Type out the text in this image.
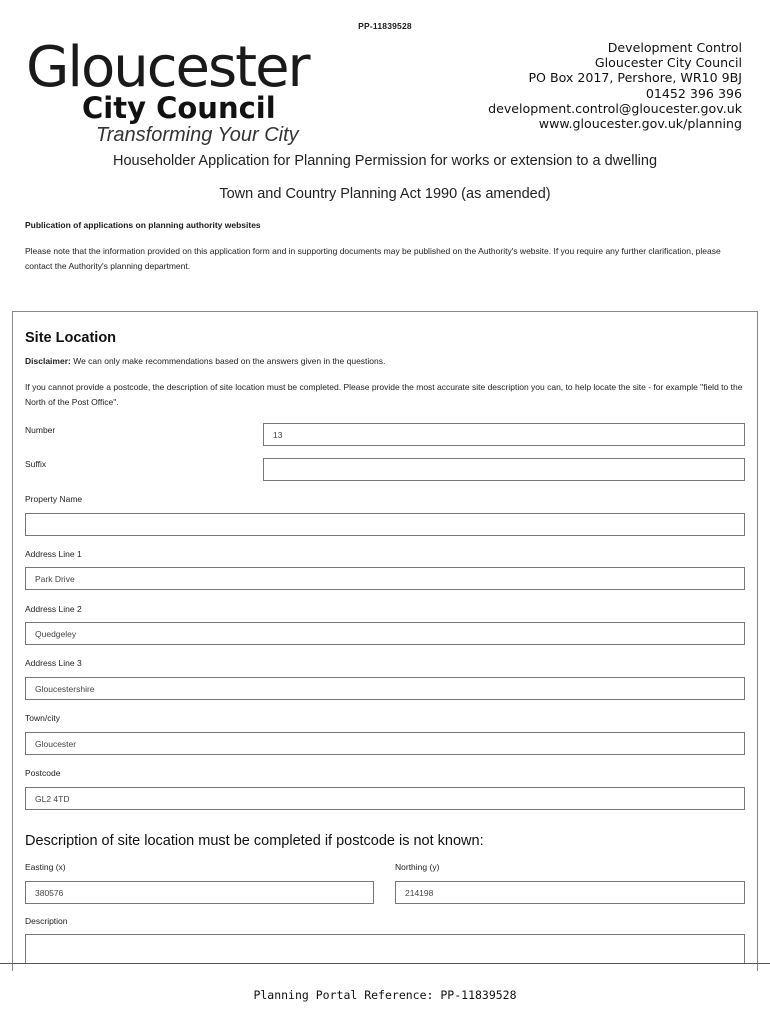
PP-11839528
Gloucester
City Council
Transforming Your City
Development Control
Gloucester City Council
PO Box 2017, Pershore, WR10 9BJ
01452 396 396
development.control@gloucester.gov.uk
www.gloucester.gov.uk/planning
Householder Application for Planning Permission for works or extension to a dwelling
Town and Country Planning Act 1990 (as amended)
Publication of applications on planning authority websites
Please note that the information provided on this application form and in supporting documents may be published on the Authority's website. If you require any further clarification, please contact the Authority's planning department.
Site Location
Disclaimer: We can only make recommendations based on the answers given in the questions.
If you cannot provide a postcode, the description of site location must be completed. Please provide the most accurate site description you can, to help locate the site - for example "field to the North of the Post Office".
Number	13
Suffix
Property Name
Address Line 1
Park Drive
Address Line 2
Quedgeley
Address Line 3
Gloucestershire
Town/city
Gloucester
Postcode
GL2 4TD
Description of site location must be completed if postcode is not known:
Easting (x)
380576
Northing (y)
214198
Description
Planning Portal Reference: PP-11839528
